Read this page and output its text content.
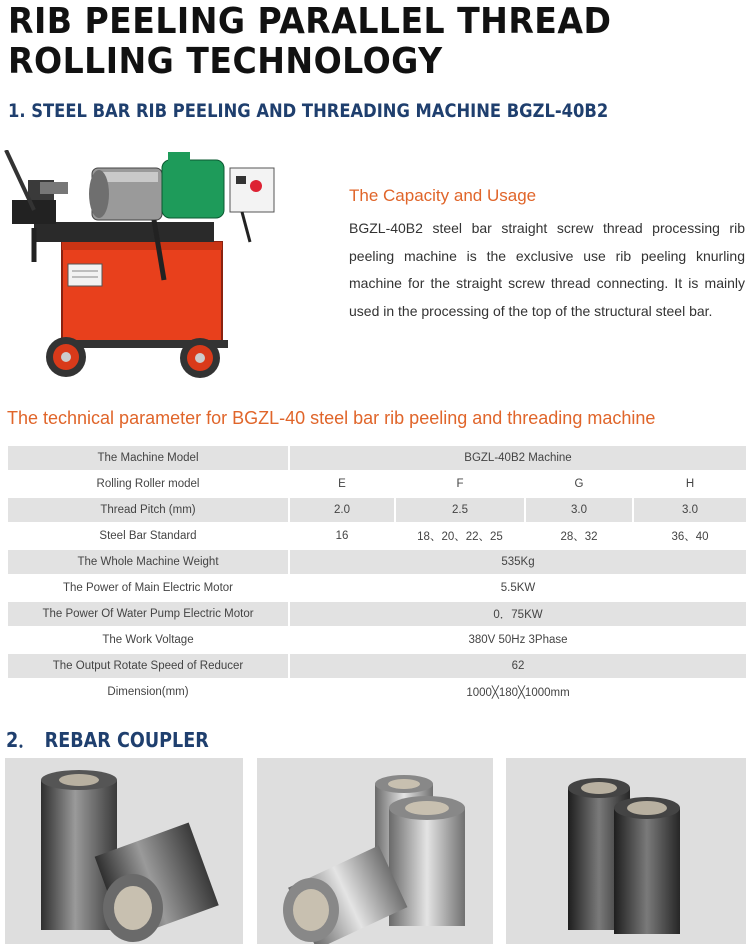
RIB PEELING PARALLEL THREAD ROLLING TECHNOLOGY
1. STEEL BAR RIB PEELING AND THREADING MACHINE BGZL-40B2
The Capacity and Usage
BGZL-40B2 steel bar straight screw thread processing rib peeling machine is the exclusive use rib peeling knurling machine for the straight screw thread connecting. It is mainly used in the processing of the top of the structural steel bar.
The technical parameter for BGZL-40 steel bar rib peeling and threading machine
The Machine Model	BGZL-40B2 Machine			
Rolling Roller model	E	F	G	H
Thread Pitch (mm)	2.0	2.5	3.0	3.0
Steel Bar Standard	16	18、20、22、25	28、32	36、40
The Whole Machine Weight	535Kg			
The Power of Main Electric Motor	5.5KW			
The Power Of Water Pump Electric Motor	0．75KW			
The Work Voltage	380V 50Hz 3Phase			
The Output Rotate Speed of Reducer	62			
Dimension(mm)	1000╳180╳1000mm			
2． REBAR COUPLER
